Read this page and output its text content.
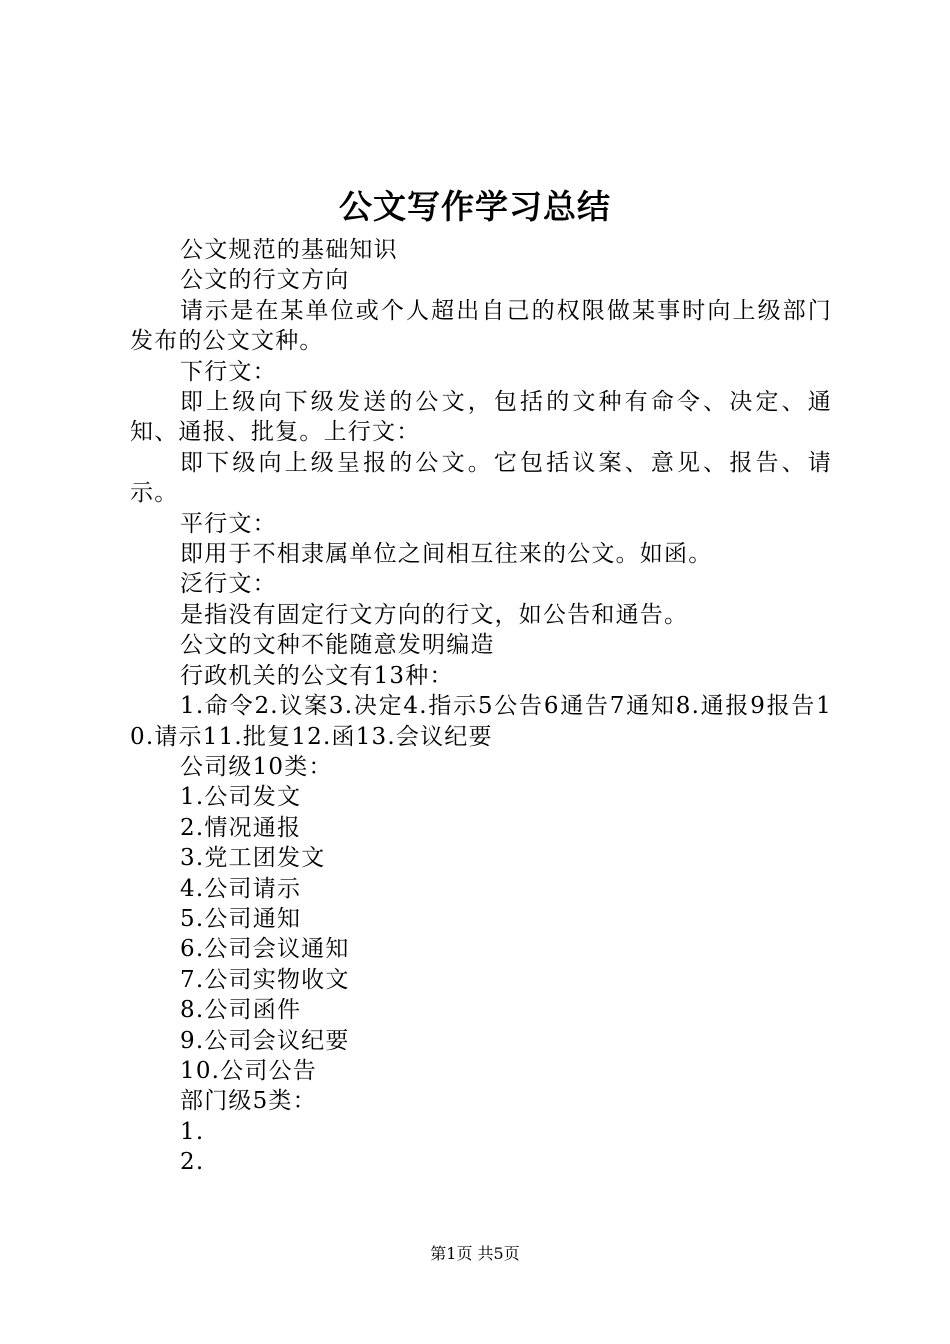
公文写作学习总结
公文规范的基础知识
公文的行文方向
请示是在某单位或个人超出自己的权限做某事时向上级部门发布的公文文种。
下行文：
即上级向下级发送的公文，包括的文种有命令、决定、通知、通报、批复。上行文：
即下级向上级呈报的公文。它包括议案、意见、报告、请示。
平行文：
即用于不相隶属单位之间相互往来的公文。如函。
泛行文：
是指没有固定行文方向的行文，如公告和通告。
公文的文种不能随意发明编造
行政机关的公文有13种：
1.命令2.议案3.决定4.指示5公告6通告7通知8.通报9报告10.请示11.批复12.函13.会议纪要
公司级10类：
1.公司发文
2.情况通报
3.党工团发文
4.公司请示
5.公司通知
6.公司会议通知
7.公司实物收文
8.公司函件
9.公司会议纪要
10.公司公告
部门级5类：
1.
2.
第1页 共5页
